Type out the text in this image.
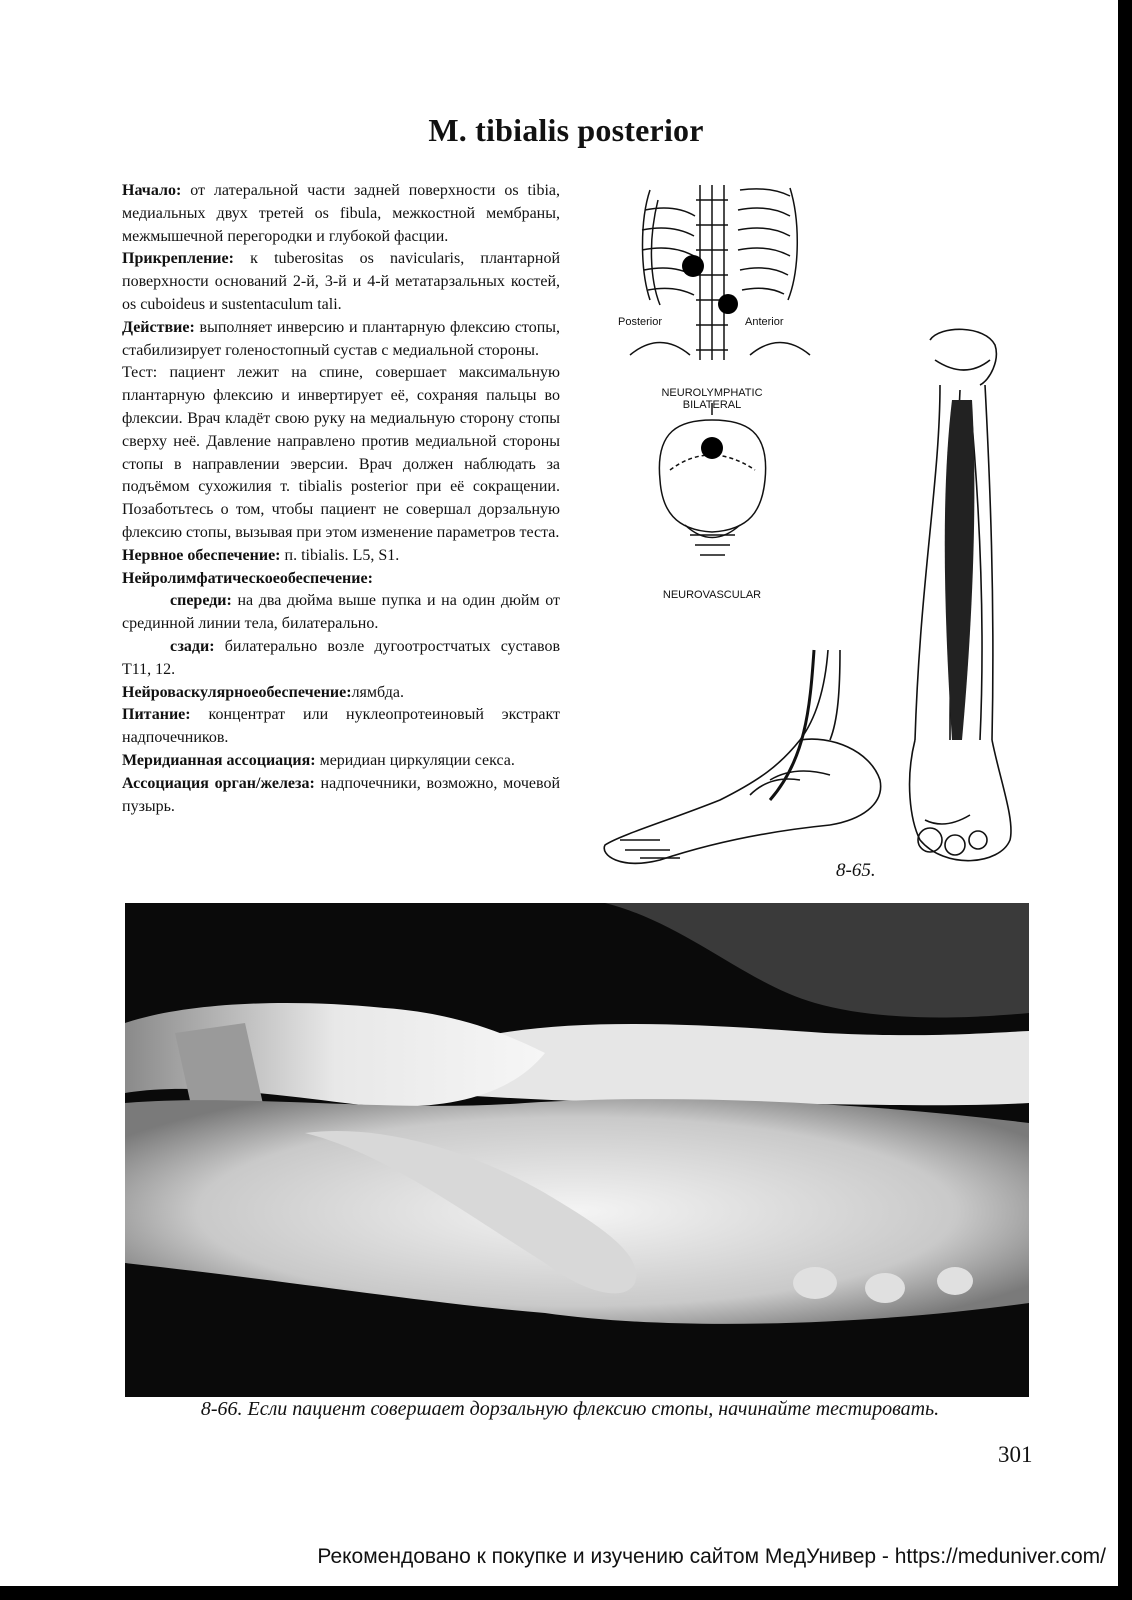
M. tibialis posterior

Начало: от латеральной части задней поверхности os tibia, медиальных двух третей os fibula, межкостной мембраны, межмышечной перегородки и глубокой фасции.

Прикрепление: к tuberositas os navicularis, плантарной поверхности оснований 2-й, 3-й и 4-й метатарзальных костей, os cuboideus и sustentaculum tali.

Действие: выполняет инверсию и плантарную флексию стопы, стабилизирует голеностопный сустав с медиальной стороны.

Тест: пациент лежит на спине, совершает максимальную плантарную флексию и инвертирует её, сохраняя пальцы во флексии. Врач кладёт свою руку на медиальную сторону стопы сверху неё. Давление направлено против медиальной стороны стопы в направлении эверсии. Врач должен наблюдать за подъёмом сухожилия т. tibialis posterior при её сокращении. Позаботьтесь о том, чтобы пациент не совершал дорзальную флексию стопы, вызывая при этом изменение параметров теста.

Нервное обеспечение: п. tibialis. L5, S1.

Нейролимфатическоеобеспечение:

спереди: на два дюйма выше пупка и на один дюйм от срединной линии тела, билатерально.

сзади: билатерально возле дугоотростчатых суставов Т11, 12.

Нейроваскулярноеобеспечение:лямбда.

Питание: концентрат или нуклеопротеиновый экстракт надпочечников.

Меридианная ассоциация: меридиан циркуляции секса.

Ассоциация орган/железа: надпочечники, возможно, мочевой пузырь.

Posterior	Anterior
NEUROLYMPHATIC
BILATERAL
NEUROVASCULAR
8-65.
8-66. Если пациент совершает дорзальную флексию стопы, начинайте тестировать.
301
Рекомендовано к покупке и изучению сайтом МедУнивер - https://meduniver.com/
